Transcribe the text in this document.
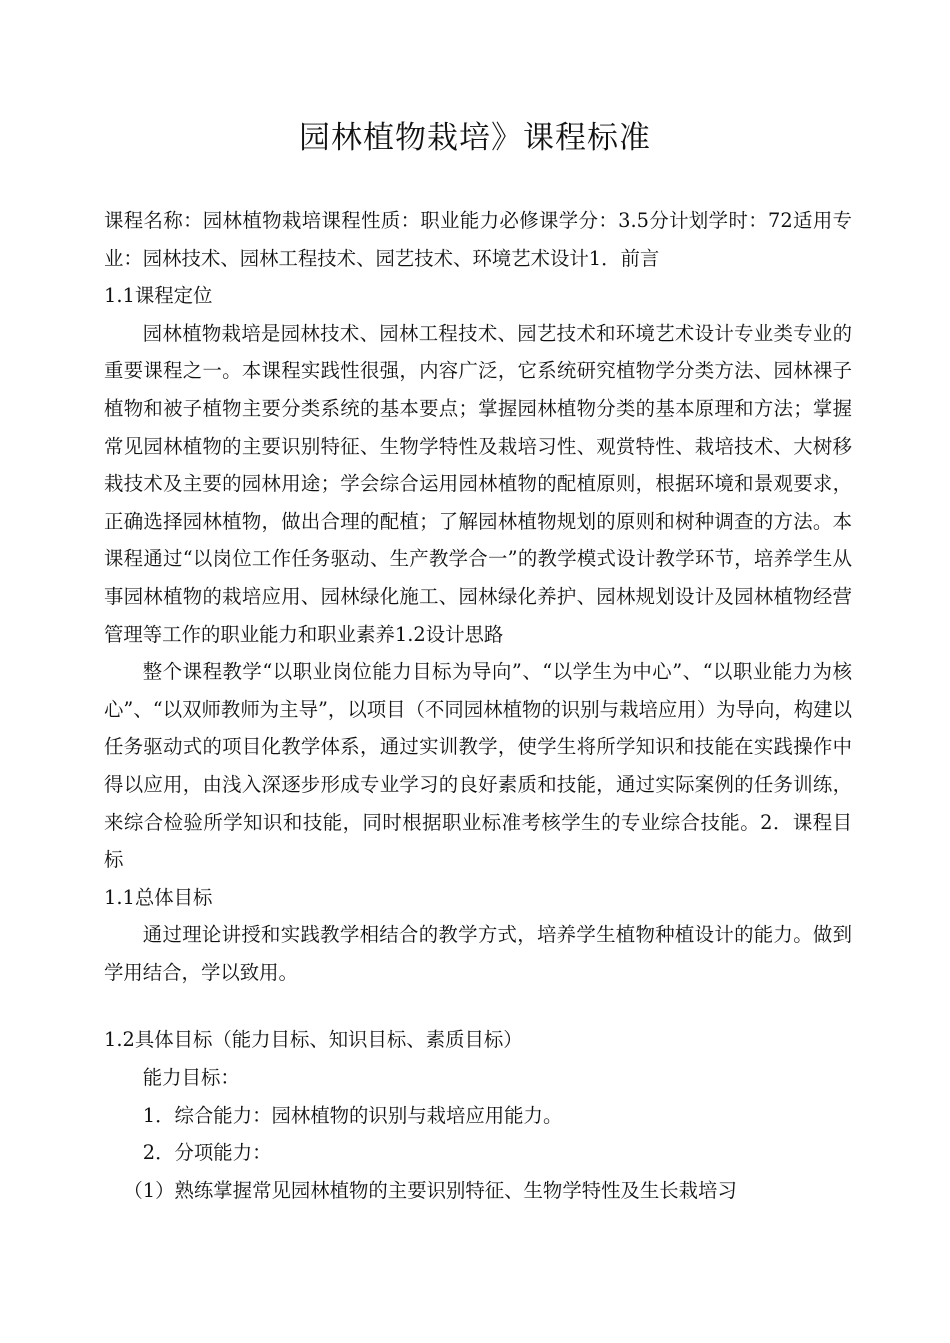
园林植物栽培》课程标准

课程名称：园林植物栽培课程性质：职业能力必修课学分：3.5分计划学时：72适用专业：园林技术、园林工程技术、园艺技术、环境艺术设计1．前言

1.1课程定位

园林植物栽培是园林技术、园林工程技术、园艺技术和环境艺术设计专业类专业的重要课程之一。本课程实践性很强，内容广泛，它系统研究植物学分类方法、园林裸子植物和被子植物主要分类系统的基本要点；掌握园林植物分类的基本原理和方法；掌握常见园林植物的主要识别特征、生物学特性及栽培习性、观赏特性、栽培技术、大树移栽技术及主要的园林用途；学会综合运用园林植物的配植原则，根据环境和景观要求，正确选择园林植物，做出合理的配植；了解园林植物规划的原则和树种调查的方法。本课程通过“以岗位工作任务驱动、生产教学合一”的教学模式设计教学环节，培养学生从事园林植物的栽培应用、园林绿化施工、园林绿化养护、园林规划设计及园林植物经营管理等工作的职业能力和职业素养1.2设计思路

整个课程教学“以职业岗位能力目标为导向”、“以学生为中心”、“以职业能力为核心”、“以双师教师为主导”，以项目（不同园林植物的识别与栽培应用）为导向，构建以任务驱动式的项目化教学体系，通过实训教学，使学生将所学知识和技能在实践操作中得以应用，由浅入深逐步形成专业学习的良好素质和技能，通过实际案例的任务训练，来综合检验所学知识和技能，同时根据职业标准考核学生的专业综合技能。2．课程目标

1.1总体目标

通过理论讲授和实践教学相结合的教学方式，培养学生植物种植设计的能力。做到学用结合，学以致用。

1.2具体目标（能力目标、知识目标、素质目标）

能力目标：

1．综合能力：园林植物的识别与栽培应用能力。

2．分项能力：

（1）熟练掌握常见园林植物的主要识别特征、生物学特性及生长栽培习
